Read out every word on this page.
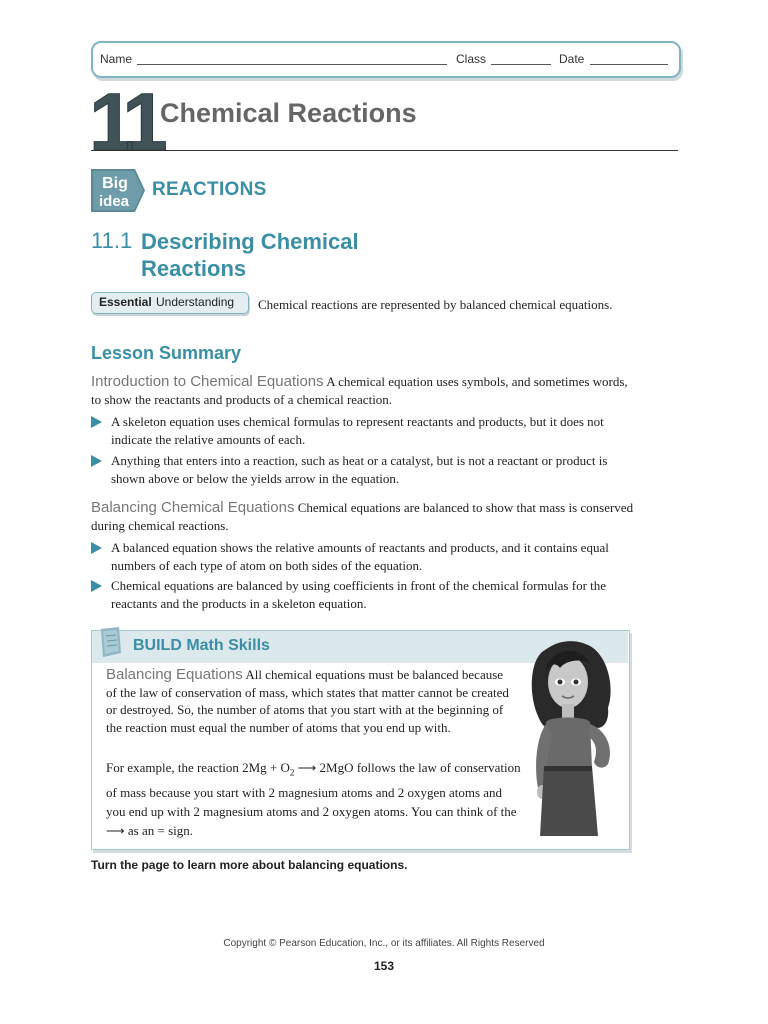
Name	Class	Date
11 Chemical Reactions
Big
idea
REACTIONS
11.1 Describing Chemical Reactions
Chemical reactions are represented by balanced chemical equations.
Essential Understanding
Lesson Summary
Introduction to Chemical Equations A chemical equation uses symbols, and sometimes words, to show the reactants and products of a chemical reaction.
A skeleton equation uses chemical formulas to represent reactants and products, but it does not indicate the relative amounts of each.
Anything that enters into a reaction, such as heat or a catalyst, but is not a reactant or product is shown above or below the yields arrow in the equation.
Balancing Chemical Equations Chemical equations are balanced to show that mass is conserved during chemical reactions.
A balanced equation shows the relative amounts of reactants and products, and it contains equal numbers of each type of atom on both sides of the equation.
Chemical equations are balanced by using coefficients in front of the chemical formulas for the reactants and the products in a skeleton equation.
BUILD Math Skills
Balancing Equations All chemical equations must be balanced because of the law of conservation of mass, which states that matter cannot be created or destroyed. So, the number of atoms that you start with at the beginning of the reaction must equal the number of atoms that you end up with.
For example, the reaction $2Mg + O_2$ ⟶ 2MgO follows the law of conservation of mass because you start with 2 magnesium atoms and 2 oxygen atoms and you end up with 2 magnesium atoms and 2 oxygen atoms. You can think of the ⟶ as an = sign.
Turn the page to learn more about balancing equations.
Copyright © Pearson Education, Inc., or its affiliates. All Rights Reserved
153
